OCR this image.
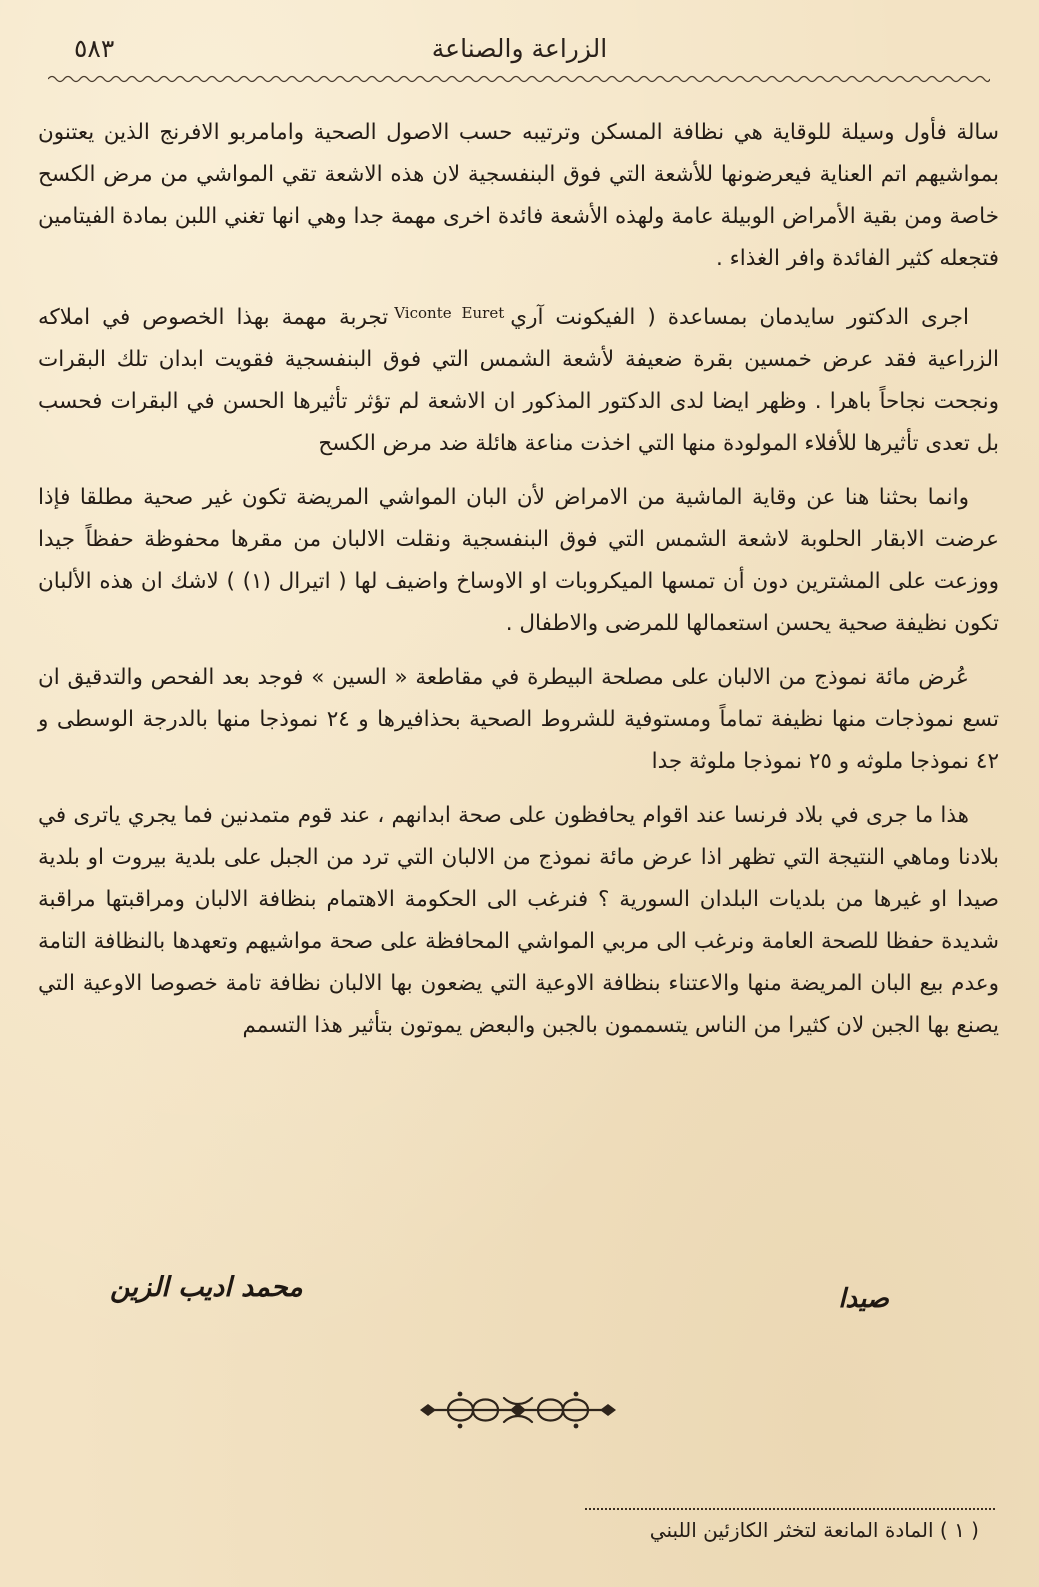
الزراعة والصناعة
٥٨٣

سالة فأول وسيلة للوقاية هي نظافة المسكن وترتيبه حسب الاصول الصحية وامامربو الافرنج الذين يعتنون بمواشيهم اتم العناية فيعرضونها للأشعة التي فوق البنفسجية لان هذه الاشعة تقي المواشي من مرض الكسح خاصة ومن بقية الأمراض الوبيلة عامة ولهذه الأشعة فائدة اخرى مهمة جدا وهي انها تغني اللبن بمادة الفيتامين فتجعله كثير الفائدة وافر الغذاء .

اجرى الدكتور سايدمان بمساعدة ( الفيكونت آري$^{Viconte Euret}$تجربة مهمة بهذا الخصوص في املاكه الزراعية فقد عرض خمسين بقرة ضعيفة لأشعة الشمس التي فوق البنفسجية فقويت ابدان تلك البقرات ونجحت نجاحاً باهرا . وظهر ايضا لدى الدكتور المذكور ان الاشعة لم تؤثر تأثيرها الحسن في البقرات فحسب بل تعدى تأثيرها للأفلاء المولودة منها التي اخذت مناعة هائلة ضد مرض الكسح

وانما بحثنا هنا عن وقاية الماشية من الامراض لأن البان المواشي المريضة تكون غير صحية مطلقا فإذا عرضت الابقار الحلوبة لاشعة الشمس التي فوق البنفسجية ونقلت الالبان من مقرها محفوظة حفظاً جيدا ووزعت على المشترين دون أن تمسها الميكروبات او الاوساخ واضيف لها ( اتيرال (١) ) لاشك ان هذه الألبان تكون نظيفة صحية يحسن استعمالها للمرضى والاطفال .

عُرض مائة نموذج من الالبان على مصلحة البيطرة في مقاطعة « السين » فوجد بعد الفحص والتدقيق ان تسع نموذجات منها نظيفة تماماً ومستوفية للشروط الصحية بحذافيرها و ٢٤ نموذجا منها بالدرجة الوسطى و ٤٢ نموذجا ملوثه و ٢٥ نموذجا ملوثة جدا

هذا ما جرى في بلاد فرنسا عند اقوام يحافظون على صحة ابدانهم ، عند قوم متمدنين فما يجري ياترى في بلادنا وماهي النتيجة التي تظهر اذا عرض مائة نموذج من الالبان التي ترد من الجبل على بلدية بيروت او بلدية صيدا او غيرها من بلديات البلدان السورية ؟ فنرغب الى الحكومة الاهتمام بنظافة الالبان ومراقبتها مراقبة شديدة حفظا للصحة العامة ونرغب الى مربي المواشي المحافظة على صحة مواشيهم وتعهدها بالنظافة التامة وعدم بيع البان المريضة منها والاعتناء بنظافة الاوعية التي يضعون بها الالبان نظافة تامة خصوصا الاوعية التي يصنع بها الجبن لان كثيرا من الناس يتسممون بالجبن والبعض يموتون بتأثير هذا التسمم

صيدا
محمد اديب الزين
( ١ ) المادة المانعة لتخثر الكازئين اللبني
